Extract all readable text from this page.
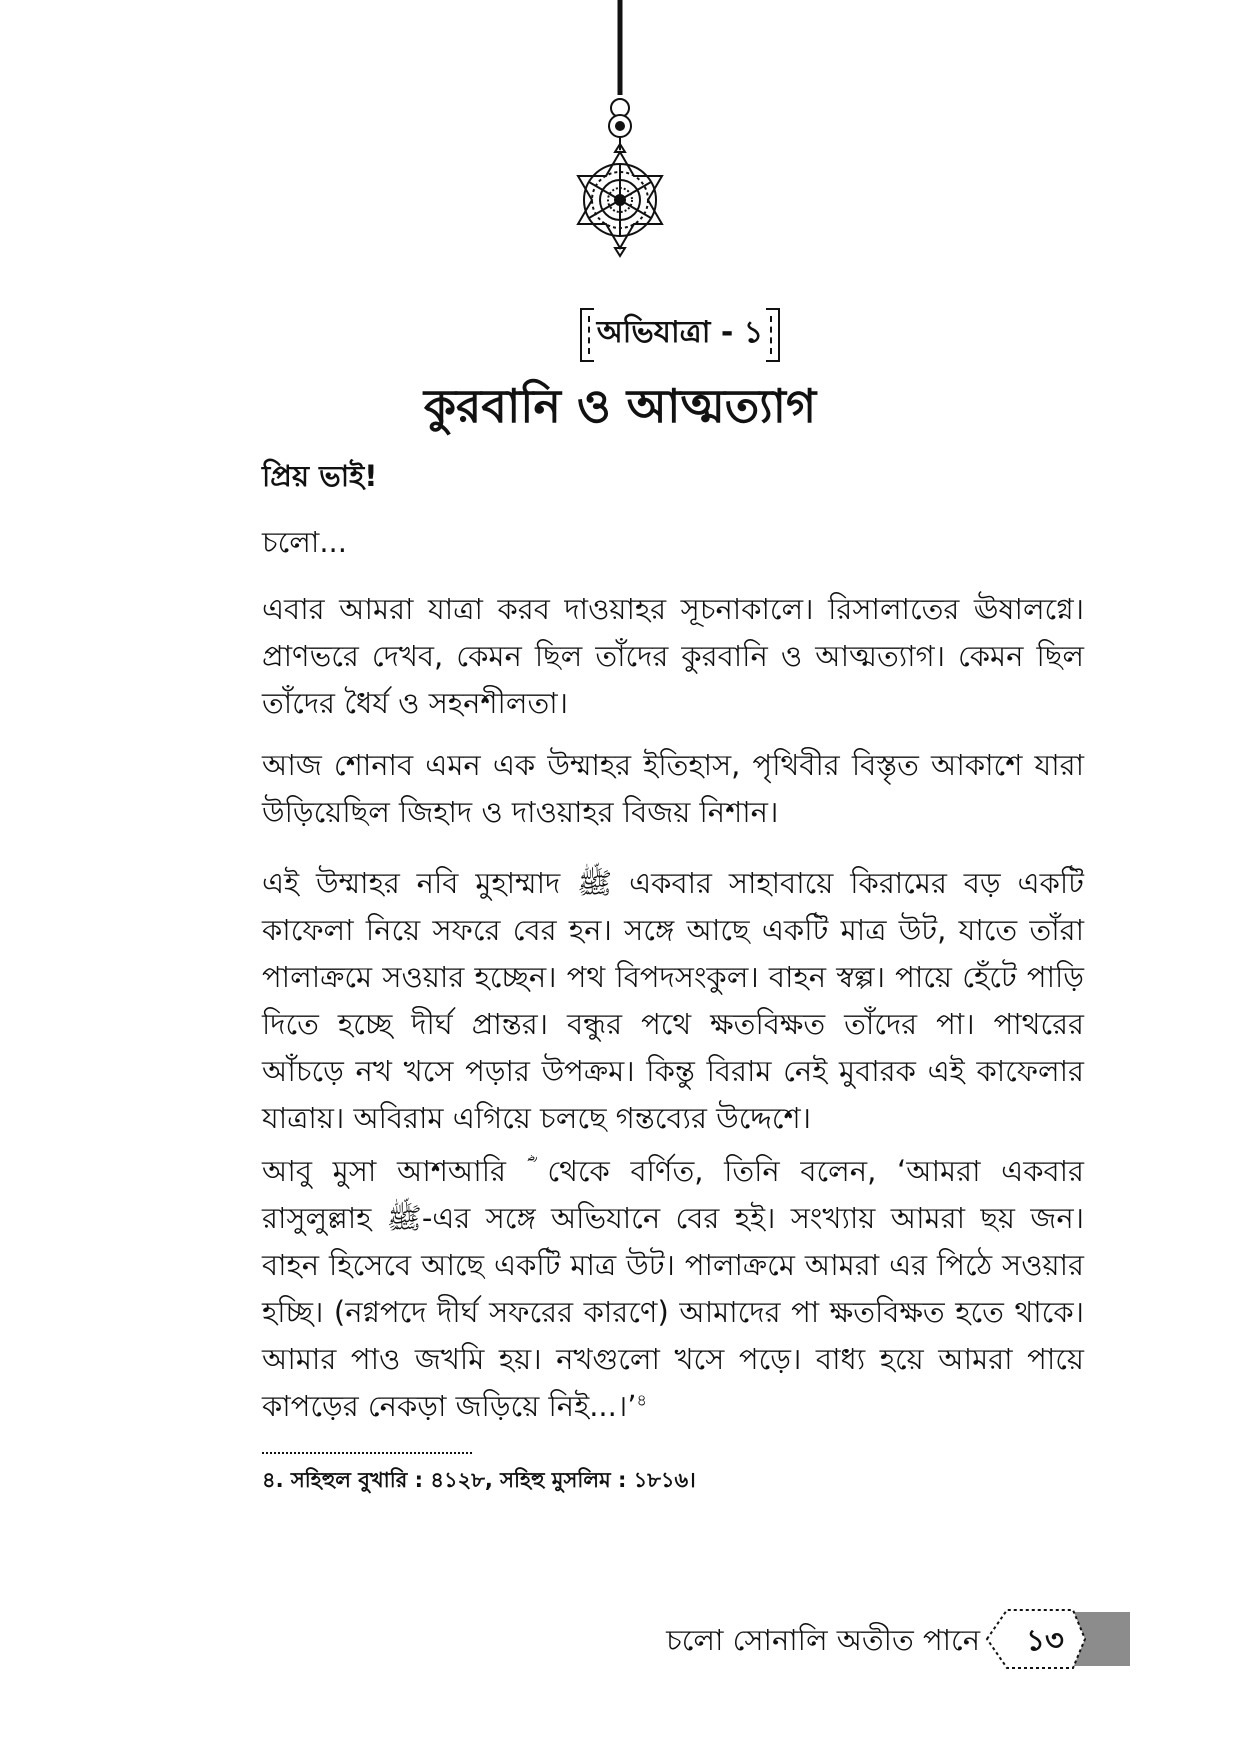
অভিযাত্রা - ১
কুরবানি ও আত্মত্যাগ
প্রিয় ভাই!
চলো...

এবার আমরা যাত্রা করব দাওয়াহর সূচনাকালে। রিসালাতের ঊষালগ্নে। প্রাণভরে দেখব, কেমন ছিল তাঁদের কুরবানি ও আত্মত্যাগ। কেমন ছিল তাঁদের ধৈর্য ও সহনশীলতা।

আজ শোনাব এমন এক উম্মাহর ইতিহাস, পৃথিবীর বিস্তৃত আকাশে যারা উড়িয়েছিল জিহাদ ও দাওয়াহর বিজয় নিশান।

এই উম্মাহর নবি মুহাম্মাদ ﷺ একবার সাহাবায়ে কিরামের বড় একটি কাফেলা নিয়ে সফরে বের হন। সঙ্গে আছে একটি মাত্র উট, যাতে তাঁরা পালাক্রমে সওয়ার হচ্ছেন। পথ বিপদসংকুল। বাহন স্বল্প। পায়ে হেঁটে পাড়ি দিতে হচ্ছে দীর্ঘ প্রান্তর। বন্ধুর পথে ক্ষতবিক্ষত তাঁদের পা। পাথরের আঁচড়ে নখ খসে পড়ার উপক্রম। কিন্তু বিরাম নেই মুবারক এই কাফেলার যাত্রায়। অবিরাম এগিয়ে চলছে গন্তব্যের উদ্দেশে।

আবু মুসা আশআরি ؓ থেকে বর্ণিত, তিনি বলেন, ‘আমরা একবার রাসুলুল্লাহ ﷺ-এর সঙ্গে অভিযানে বের হই। সংখ্যায় আমরা ছয় জন। বাহন হিসেবে আছে একটি মাত্র উট। পালাক্রমে আমরা এর পিঠে সওয়ার হচ্ছি। (নগ্নপদে দীর্ঘ সফরের কারণে) আমাদের পা ক্ষতবিক্ষত হতে থাকে। আমার পাও জখমি হয়। নখগুলো খসে পড়ে। বাধ্য হয়ে আমরা পায়ে কাপড়ের নেকড়া জড়িয়ে নিই...।’$^৪$

৪. সহিহুল বুখারি : ৪১২৮, সহিহু মুসলিম : ১৮১৬।
চলো সোনালি অতীত পানে	১৩
